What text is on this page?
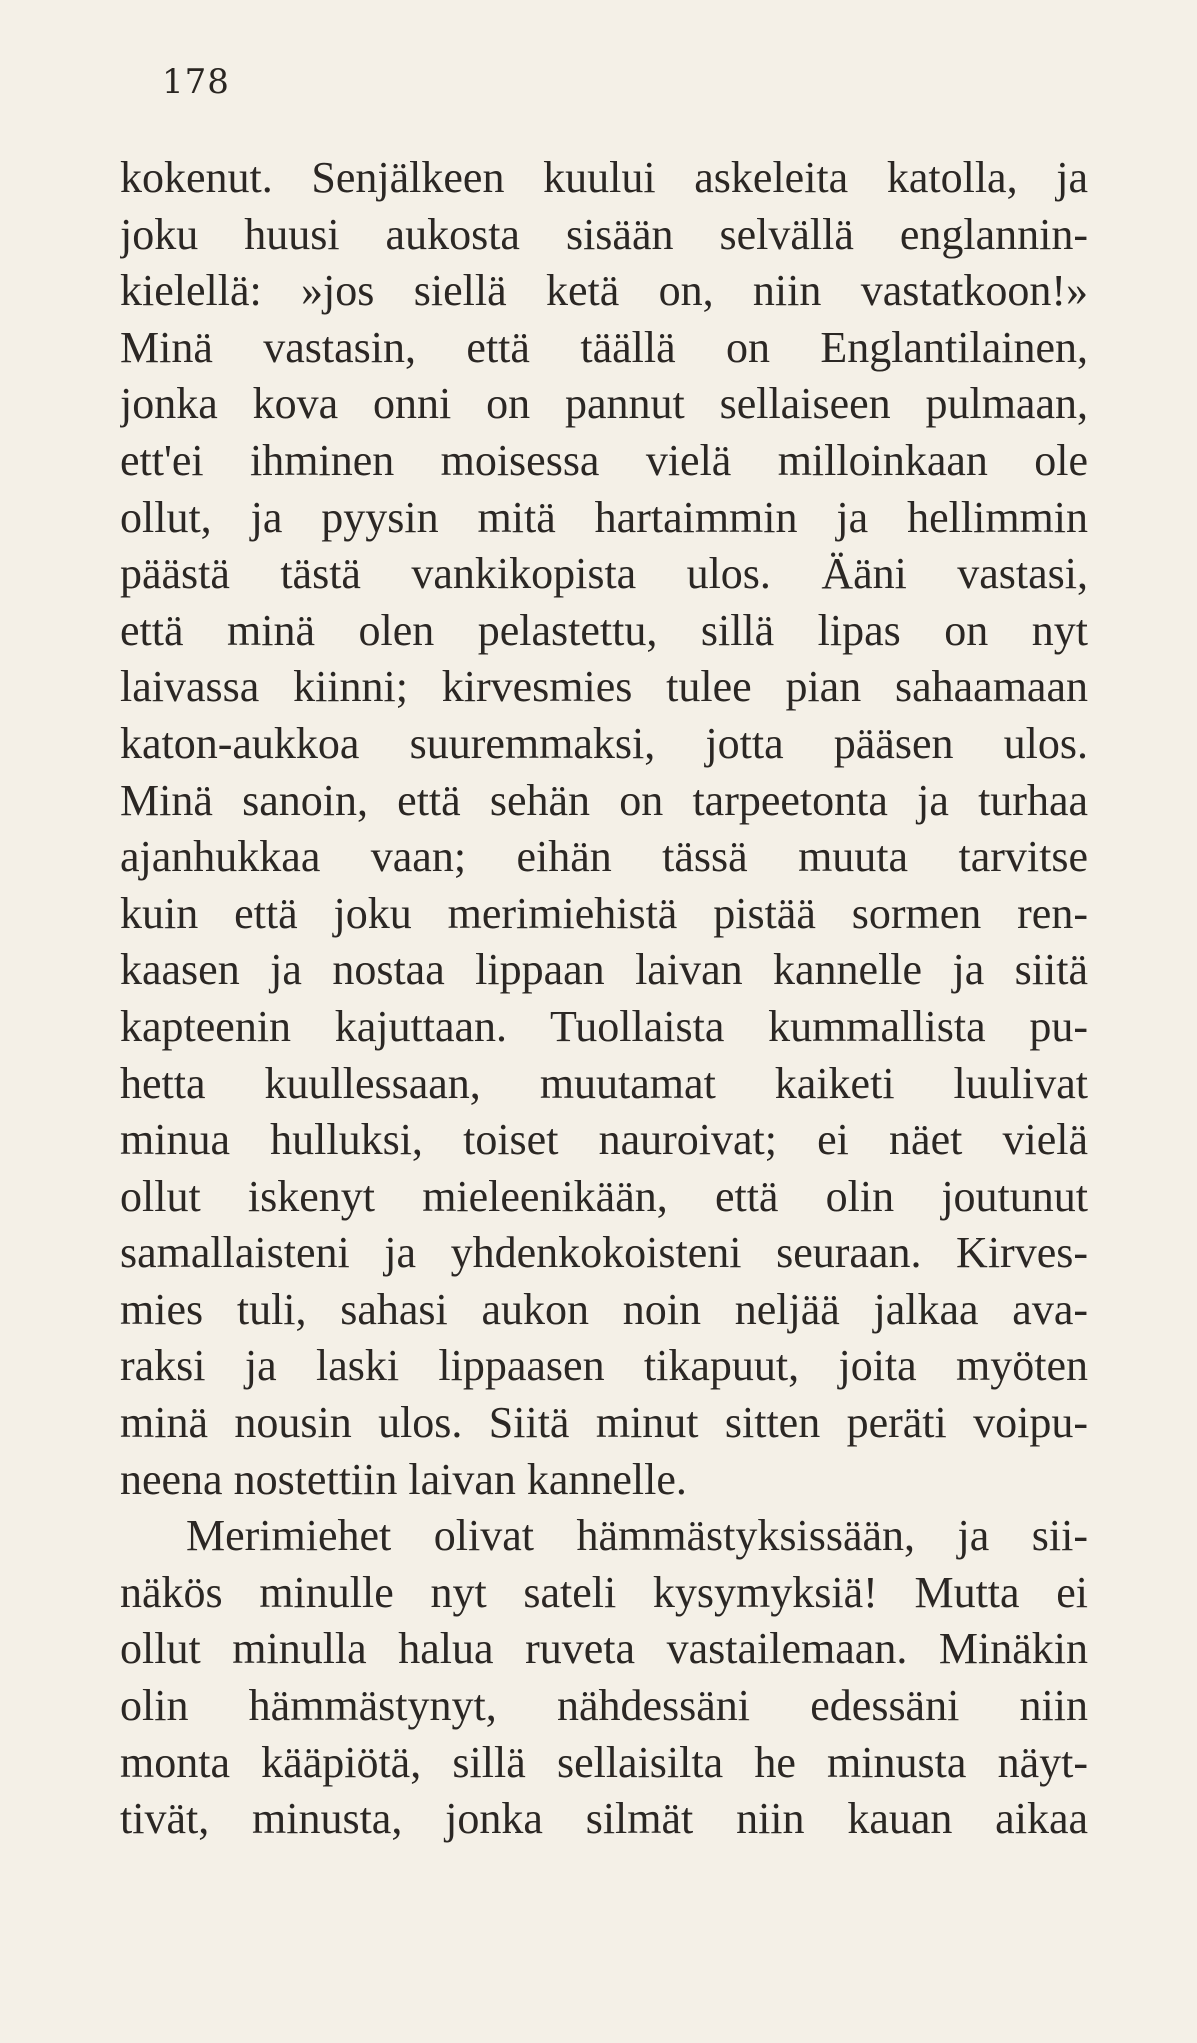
178
kokenut. Senjälkeen kuului askeleita katolla, ja
joku huusi aukosta sisään selvällä englannin-
kielellä: »jos siellä ketä on, niin vastatkoon!»
Minä vastasin, että täällä on Englantilainen,
jonka kova onni on pannut sellaiseen pulmaan,
ett'ei ihminen moisessa vielä milloinkaan ole
ollut, ja pyysin mitä hartaimmin ja hellimmin
päästä tästä vankikopista ulos. Ääni vastasi,
että minä olen pelastettu, sillä lipas on nyt
laivassa kiinni; kirvesmies tulee pian sahaamaan
katon-aukkoa suuremmaksi, jotta pääsen ulos.
Minä sanoin, että sehän on tarpeetonta ja turhaa
ajanhukkaa vaan; eihän tässä muuta tarvitse
kuin että joku merimiehistä pistää sormen ren-
kaasen ja nostaa lippaan laivan kannelle ja siitä
kapteenin kajuttaan. Tuollaista kummallista pu-
hetta kuullessaan, muutamat kaiketi luulivat
minua hulluksi, toiset nauroivat; ei näet vielä
ollut iskenyt mieleenikään, että olin joutunut
samallaisteni ja yhdenkokoisteni seuraan. Kirves-
mies tuli, sahasi aukon noin neljää jalkaa ava-
raksi ja laski lippaasen tikapuut, joita myöten
minä nousin ulos. Siitä minut sitten peräti voipu-
neena nostettiin laivan kannelle.
Merimiehet olivat hämmästyksissään, ja sii-
näkös minulle nyt sateli kysymyksiä! Mutta ei
ollut minulla halua ruveta vastailemaan. Minäkin
olin hämmästynyt, nähdessäni edessäni niin
monta kääpiötä, sillä sellaisilta he minusta näyt-
tivät, minusta, jonka silmät niin kauan aikaa
